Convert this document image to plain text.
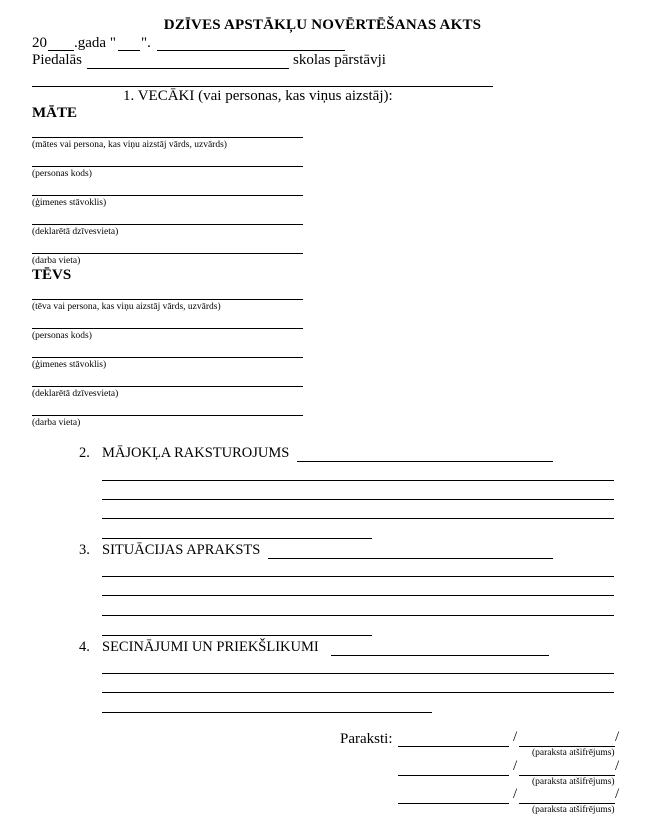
DZĪVES APSTĀKĻU NOVĒRTĒŠANAS AKTS
20 .gada " ".
Piedalās	skolas pārstāvji
1. VECĀKI (vai personas, kas viņus aizstāj):
MĀTE
(mātes vai persona, kas viņu aizstāj vārds, uzvārds)
(personas kods)
(ģimenes stāvoklis)
(deklarētā dzīvesvieta)
(darba vieta)
TĒVS
(tēva vai persona, kas viņu aizstāj vārds, uzvārds)
(personas kods)
(ģimenes stāvoklis)
(deklarētā dzīvesvieta)
(darba vieta)
2. MĀJOKĻA RAKSTUROJUMS
3. SITUĀCIJAS APRAKSTS
4. SECINĀJUMI UN PRIEKŠLIKUMI
Paraksti:	/	/
(paraksta atšifrējums)
/	/
(paraksta atšifrējums)
/	/
(paraksta atšifrējums)
